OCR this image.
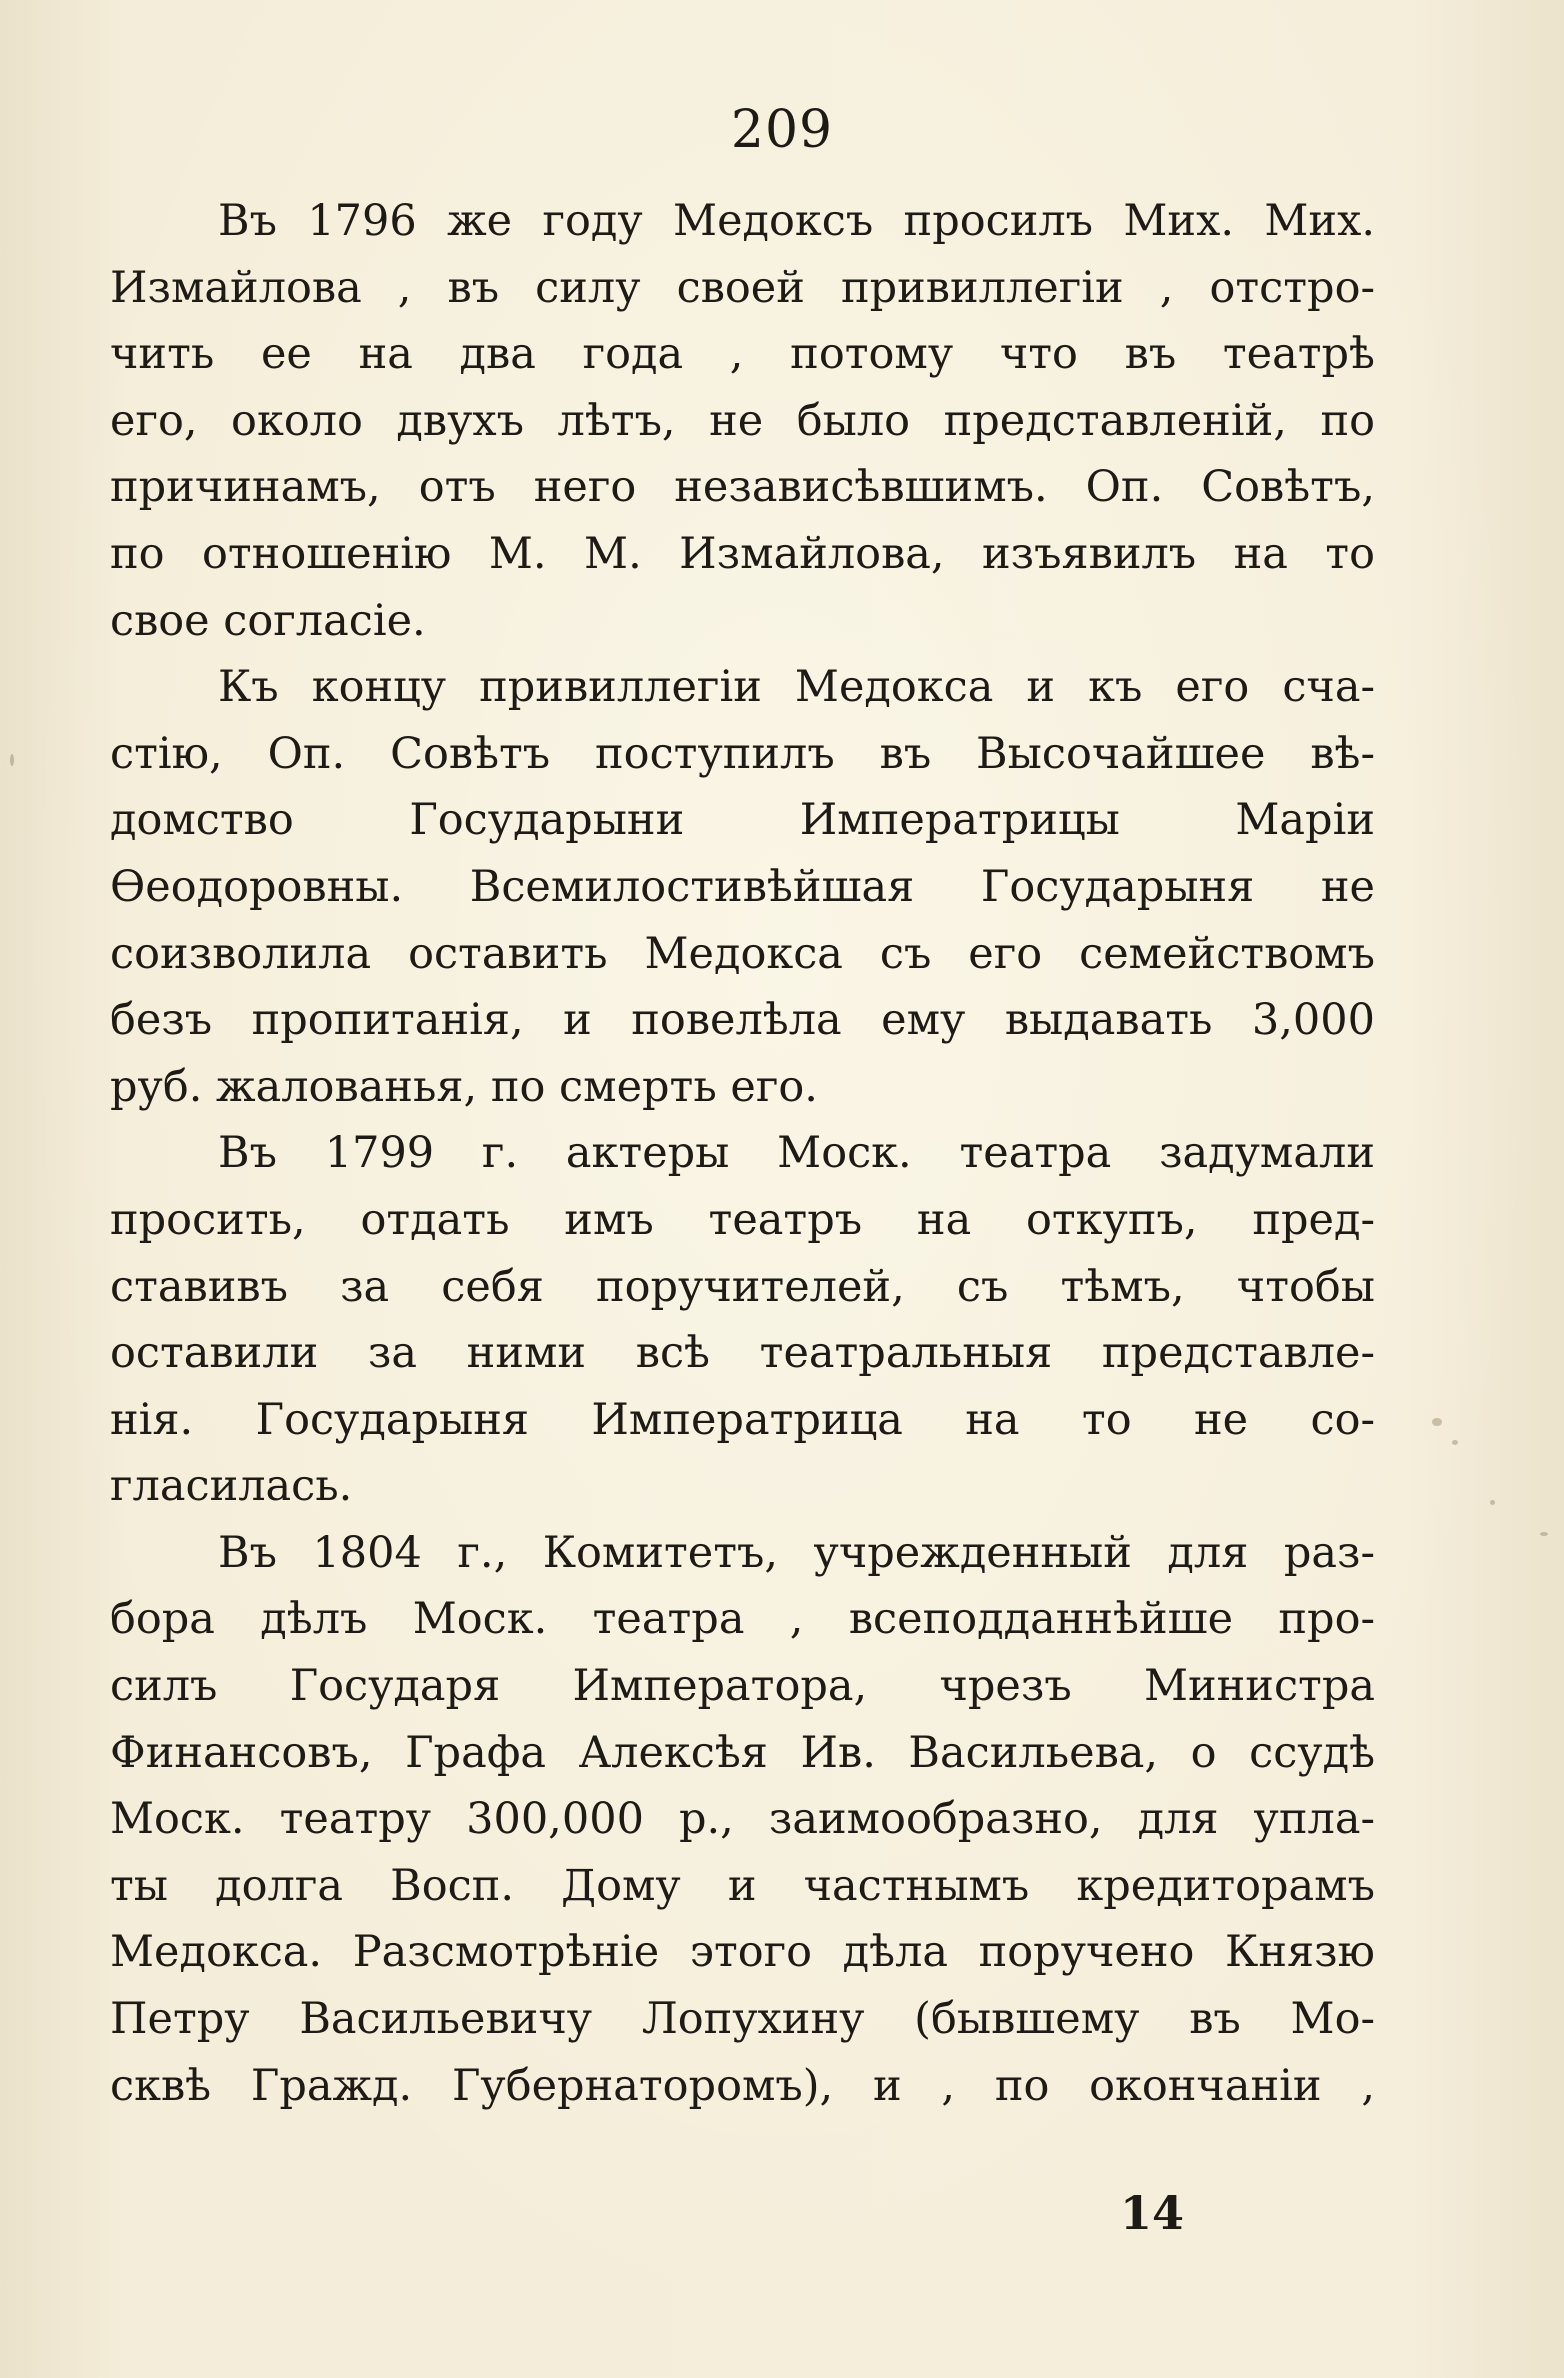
209
Въ 1796 же году Медоксъ просилъ Мих. Мих.
Измайлова , въ силу своей привиллегіи , отстро-
чить ее на два года , потому что въ театрѣ
его, около двухъ лѣтъ, не было представленій, по
причинамъ, отъ него независѣвшимъ. Оп. Совѣтъ,
по отношенію М. М. Измайлова, изъявилъ на то
свое согласіе.
Къ концу привиллегіи Медокса и къ его сча-
стію, Оп. Совѣтъ поступилъ въ Высочайшее вѣ-
домство Государыни Императрицы Маріи
Ѳеодоровны. Всемилостивѣйшая Государыня не
соизволила оставить Медокса съ его семействомъ
безъ пропитанія, и повелѣла ему выдавать 3,000
руб. жалованья, по смерть его.
Въ 1799 г. актеры Моск. театра задумали
просить, отдать имъ театръ на откупъ, пред-
ставивъ за себя поручителей, съ тѣмъ, чтобы
оставили за ними всѣ театральныя представле-
нія. Государыня Императрица на то не со-
гласилась.
Въ 1804 г., Комитетъ, учрежденный для раз-
бора дѣлъ Моск. театра , всеподданнѣйше про-
силъ Государя Императора, чрезъ Министра
Финансовъ, Графа Алексѣя Ив. Васильева, о ссудѣ
Моск. театру 300,000 р., заимообразно, для упла-
ты долга Восп. Дому и частнымъ кредиторамъ
Медокса. Разсмотрѣніе этого дѣла поручено Князю
Петру Васильевичу Лопухину (бывшему въ Мо-
сквѣ Гражд. Губернаторомъ), и , по окончаніи ,
14
